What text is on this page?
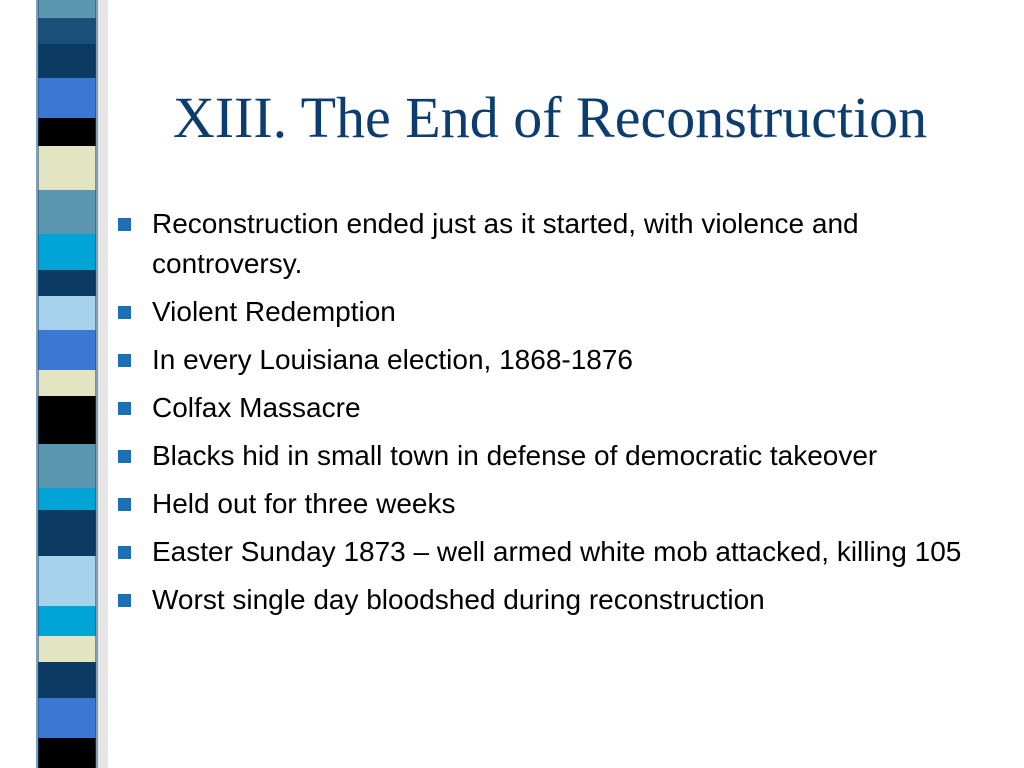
XIII. The End of Reconstruction
Reconstruction ended just as it started, with violence and controversy.
Violent Redemption
In every Louisiana election, 1868-1876
Colfax Massacre
Blacks hid in small town in defense of democratic takeover
Held out for three weeks
Easter Sunday 1873 – well armed white mob attacked, killing 105
Worst single day bloodshed during reconstruction
